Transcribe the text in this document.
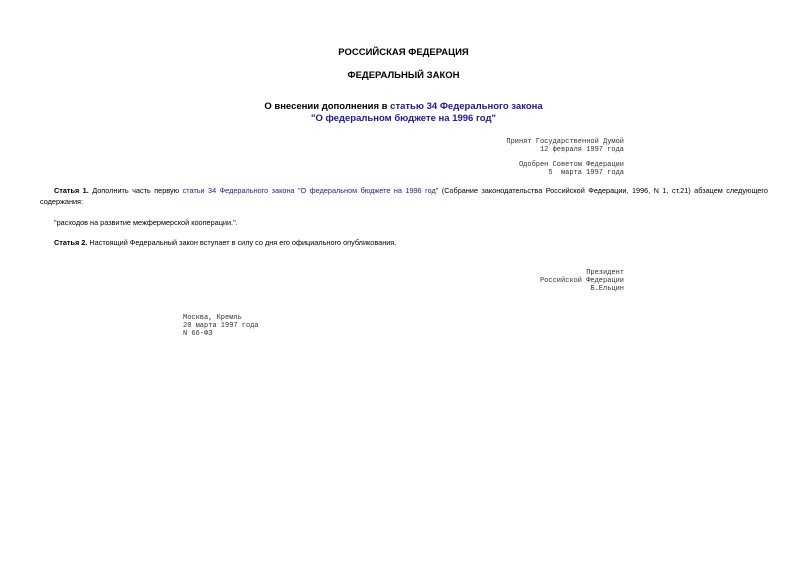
РОССИЙСКАЯ ФЕДЕРАЦИЯ
ФЕДЕРАЛЬНЫЙ ЗАКОН
О внесении дополнения в статью 34 Федерального закона
"О федеральном бюджете на 1996 год"
Принят Государственной Думой
12 февраля 1997 года
Одобрен Советом Федерации
5  марта 1997 года
Статья 1. Дополнить часть первую статьи 34 Федерального закона "О федеральном бюджете на 1996 год" (Собрание законодательства Российской Федерации, 1996, N 1, ст.21) абзацем следующего содержания:
"расходов на развитие межфермерской кооперации.".
Статья 2. Настоящий Федеральный закон вступает в силу со дня его официального опубликования.
Президент
Российской Федерации
Б.Ельцин
Москва, Кремль
20 марта 1997 года
N 66-ФЗ
